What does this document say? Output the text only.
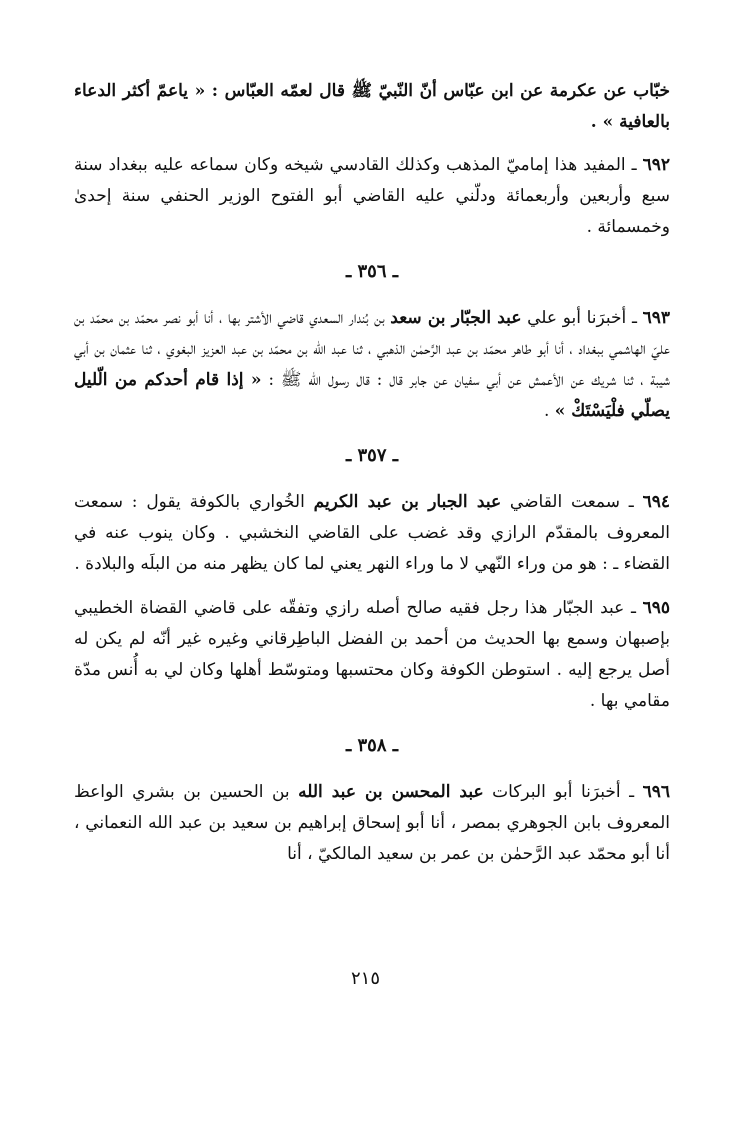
خبّاب عن عكرمة عن ابن عبّاس أنّ النّبيّ ﷺ قال لعمّه العبّاس : « ياعمّ أكثر الدعاء بالعافية » .

٦٩٢ ـ المفيد هذا إماميّ المذهب وكذلك القادسي شيخه وكان سماعه عليه ببغداد سنة سبع وأربعين وأربعمائة ودلّني عليه القاضي أبو الفتوح الوزير الحنفي سنة إحدىٰ وخمسمائة .

ـ ٣٥٦ ـ

٦٩٣ ـ أخبرَنا أبو علي عبد الجبّار بن سعد بن بُندار السعدي قاضي الأشتر بها ، أنا أبو نصر محمّد بن محمّد بن عليّ الهاشمي ببغداد ، أنا أبو طاهر محمّد بن عبد الرَّحمٰن الذهبي ، ثنا عبد الله بن محمّد بن عبد العزيز البغوي ، ثنا عثمان بن أبي شيبة ، ثنا شريك عن الأعمش عن أبي سفيان عن جابر قال : قال رسول الله ﷺ : « إذا قام أحدكم من الّليل يصلّي فلْيَسْتَكْ » .

ـ ٣٥٧ ـ

٦٩٤ ـ سمعت القاضي عبد الجبار بن عبد الكريم الخُواري بالكوفة يقول : سمعت المعروف بالمقدّم الرازي وقد غضب على القاضي النخشبي . وكان ينوب عنه في القضاء ـ : هو من وراء النّهي لا ما وراء النهر يعني لما كان يظهر منه من البلَه والبلادة .

٦٩٥ ـ عبد الجبّار هذا رجل فقيه صالح أصله رازي وتفقّه على قاضي القضاة الخطيبي بإصبهان وسمع بها الحديث من أحمد بن الفضل الباطِرقاني وغيره غير أنّه لم يكن له أصل يرجع إليه . استوطن الكوفة وكان محتسبها ومتوسّط أهلها وكان لي به أُنس مدّة مقامي بها .

ـ ٣٥٨ ـ

٦٩٦ ـ أخبرَنا أبو البركات عبد المحسن بن عبد الله بن الحسين بن بشري الواعظ المعروف بابن الجوهري بمصر ، أنا أبو إسحاق إبراهيم بن سعيد بن عبد الله النعماني ، أنا أبو محمّد عبد الرَّحمٰن بن عمر بن سعيد المالكيّ ، أنا

٢١٥
